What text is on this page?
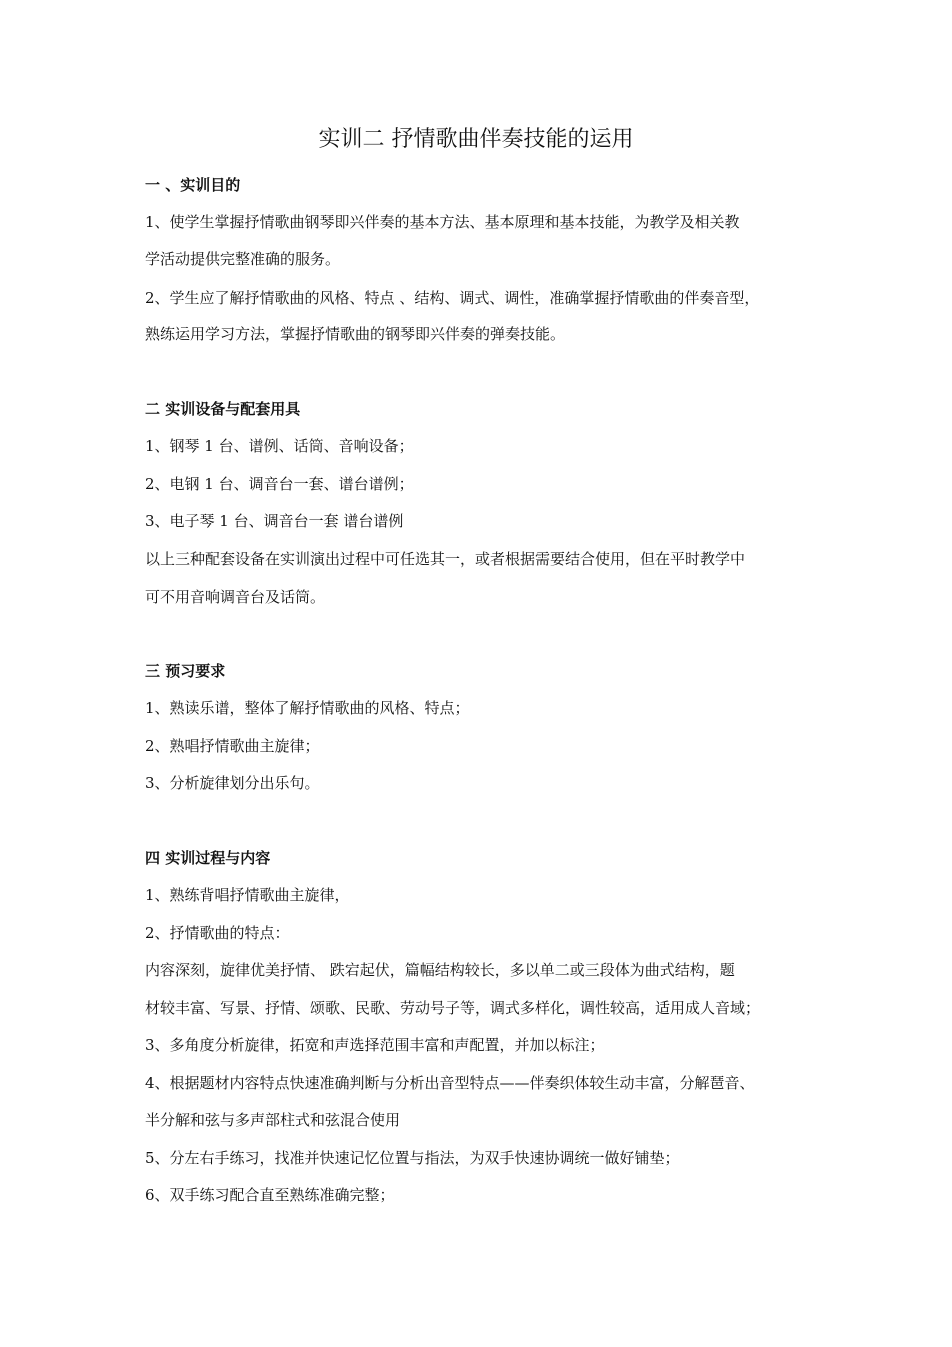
实训二 抒情歌曲伴奏技能的运用
一 、实训目的
1、使学生掌握抒情歌曲钢琴即兴伴奏的基本方法、基本原理和基本技能，为教学及相关教
学活动提供完整准确的服务。
2、学生应了解抒情歌曲的风格、特点 、结构、调式、调性，准确掌握抒情歌曲的伴奏音型，
熟练运用学习方法，掌握抒情歌曲的钢琴即兴伴奏的弹奏技能。
二 实训设备与配套用具
1、钢琴 1 台、谱例、话筒、音响设备；
2、电钢 1 台、调音台一套、谱台谱例；
3、电子琴 1 台、调音台一套 谱台谱例
以上三种配套设备在实训演出过程中可任选其一，或者根据需要结合使用，但在平时教学中
可不用音响调音台及话筒。
三 预习要求
1、熟读乐谱，整体了解抒情歌曲的风格、特点；
2、熟唱抒情歌曲主旋律；
3、分析旋律划分出乐句。
四 实训过程与内容
1、熟练背唱抒情歌曲主旋律，
2、抒情歌曲的特点：
内容深刻，旋律优美抒情、 跌宕起伏，篇幅结构较长，多以单二或三段体为曲式结构，题
材较丰富、写景、抒情、颂歌、民歌、劳动号子等，调式多样化，调性较高，适用成人音域；
3、多角度分析旋律，拓宽和声选择范围丰富和声配置，并加以标注；
4、根据题材内容特点快速准确判断与分析出音型特点——伴奏织体较生动丰富，分解琶音、
半分解和弦与多声部柱式和弦混合使用
5、分左右手练习，找准并快速记忆位置与指法，为双手快速协调统一做好铺垫；
6、双手练习配合直至熟练准确完整；
